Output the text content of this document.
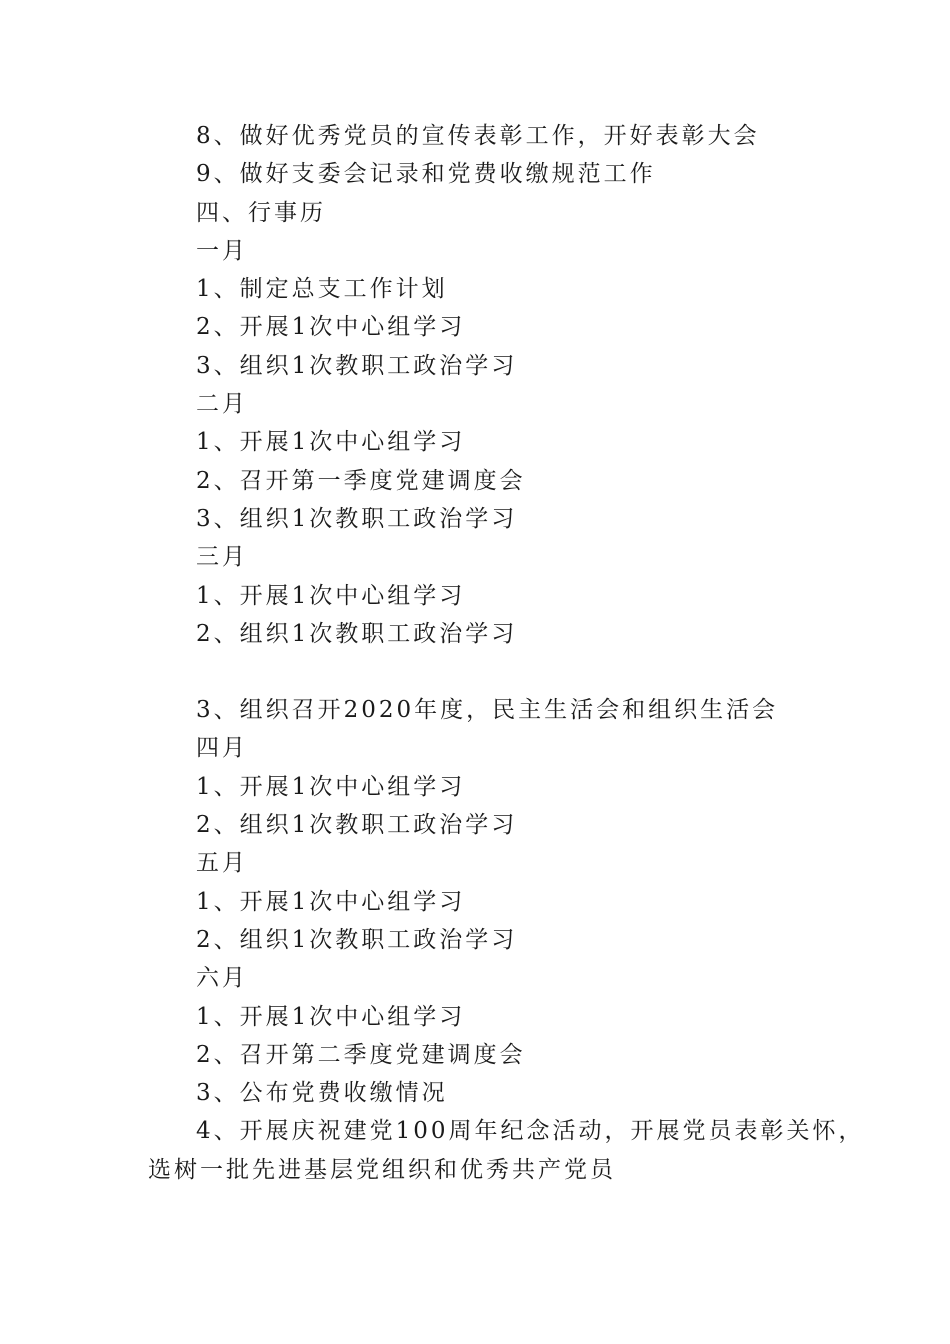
8、做好优秀党员的宣传表彰工作，开好表彰大会
9、做好支委会记录和党费收缴规范工作
四、行事历
一月
1、制定总支工作计划
2、开展1次中心组学习
3、组织1次教职工政治学习
二月
1、开展1次中心组学习
2、召开第一季度党建调度会
3、组织1次教职工政治学习
三月
1、开展1次中心组学习
2、组织1次教职工政治学习
3、组织召开2020年度，民主生活会和组织生活会
四月
1、开展1次中心组学习
2、组织1次教职工政治学习
五月
1、开展1次中心组学习
2、组织1次教职工政治学习
六月
1、开展1次中心组学习
2、召开第二季度党建调度会
3、公布党费收缴情况
4、开展庆祝建党100周年纪念活动，开展党员表彰关怀，
选树一批先进基层党组织和优秀共产党员
